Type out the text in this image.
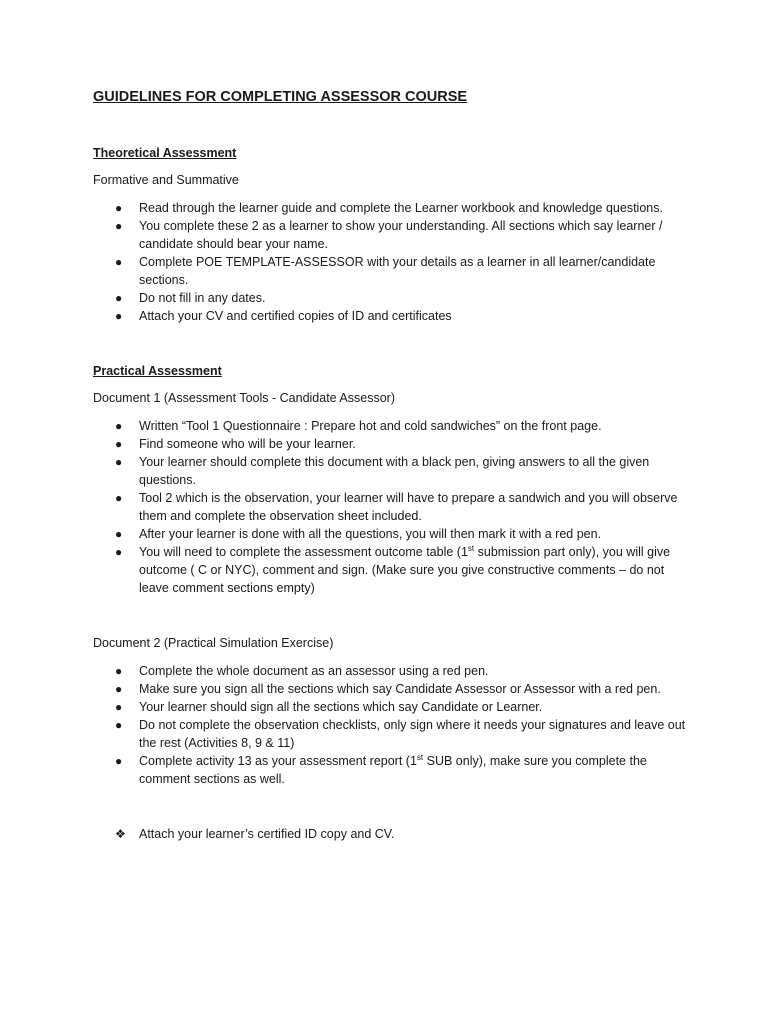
GUIDELINES FOR COMPLETING ASSESSOR COURSE
Theoretical Assessment
Formative and Summative
● Read through the learner guide and complete the Learner workbook and knowledge questions.
● You complete these 2 as a learner to show your understanding. All sections which say learner / candidate should bear your name.
● Complete POE TEMPLATE-ASSESSOR with your details as a learner in all learner/candidate sections.
● Do not fill in any dates.
● Attach your CV and certified copies of ID and certificates
Practical Assessment
Document 1 (Assessment Tools - Candidate Assessor)
● Written “Tool 1 Questionnaire : Prepare hot and cold sandwiches” on the front page.
● Find someone who will be your learner.
● Your learner should complete this document with a black pen, giving answers to all the given questions.
● Tool 2 which is the observation, your learner will have to prepare a sandwich and you will observe them and complete the observation sheet included.
● After your learner is done with all the questions, you will then mark it with a red pen.
● You will need to complete the assessment outcome table (1st submission part only), you will give outcome ( C or NYC), comment and sign. (Make sure you give constructive comments – do not leave comment sections empty)
Document 2 (Practical Simulation Exercise)
● Complete the whole document as an assessor using a red pen.
● Make sure you sign all the sections which say Candidate Assessor or Assessor with a red pen.
● Your learner should sign all the sections which say Candidate or Learner.
● Do not complete the observation checklists, only sign where it needs your signatures and leave out the rest (Activities 8, 9 & 11)
● Complete activity 13 as your assessment report (1st SUB only), make sure you complete the comment sections as well.
❖ Attach your learner’s certified ID copy and CV.
